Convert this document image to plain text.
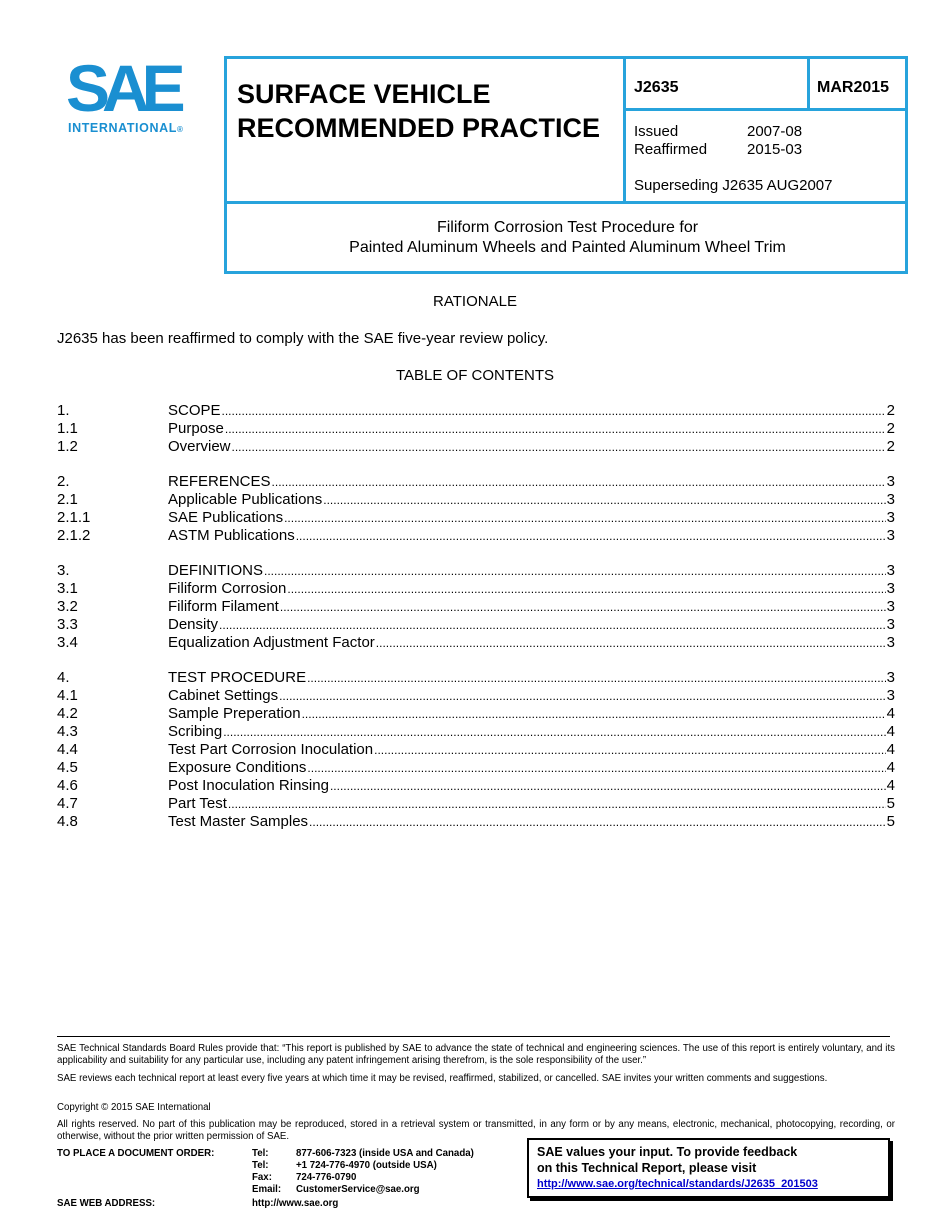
SAE
INTERNATIONAL®
SURFACE VEHICLE
RECOMMENDED PRACTICE
J2635	MAR2015
Issued	2007-08
Reaffirmed	2015-03
Superseding J2635 AUG2007
Filiform Corrosion Test Procedure for
Painted Aluminum Wheels and Painted Aluminum Wheel Trim
RATIONALE
J2635 has been reaffirmed to comply with the SAE five-year review policy.
TABLE OF CONTENTS
1.	SCOPE .....	2
1.1	Purpose .....	2
1.2	Overview .....	2
2.	REFERENCES .....	3
2.1	Applicable Publications .....	3
2.1.1	SAE Publications .....	3
2.1.2	ASTM Publications .....	3
3.	DEFINITIONS .....	3
3.1	Filiform Corrosion .....	3
3.2	Filiform Filament .....	3
3.3	Density .....	3
3.4	Equalization Adjustment Factor .....	3
4.	TEST PROCEDURE .....	3
4.1	Cabinet Settings .....	3
4.2	Sample Preperation .....	4
4.3	Scribing .....	4
4.4	Test Part Corrosion Inoculation .....	4
4.5	Exposure Conditions .....	4
4.6	Post Inoculation Rinsing .....	4
4.7	Part Test .....	5
4.8	Test Master Samples .....	5
SAE Technical Standards Board Rules provide that: “This report is published by SAE to advance the state of technical and engineering sciences. The use of this report is entirely voluntary, and its applicability and suitability for any particular use, including any patent infringement arising therefrom, is the sole responsibility of the user.”
SAE reviews each technical report at least every five years at which time it may be revised, reaffirmed, stabilized, or cancelled. SAE invites your written comments and suggestions.
Copyright © 2015 SAE International
All rights reserved. No part of this publication may be reproduced, stored in a retrieval system or transmitted, in any form or by any means, electronic, mechanical, photocopying, recording, or otherwise, without the prior written permission of SAE.
TO PLACE A DOCUMENT ORDER:	Tel:	877-606-7323 (inside USA and Canada)
Tel:	+1 724-776-4970 (outside USA)
Fax: 724-776-0790
Email: CustomerService@sae.org
SAE WEB ADDRESS:	http://www.sae.org
SAE values your input. To provide feedback
on this Technical Report, please visit
http://www.sae.org/technical/standards/J2635_201503
